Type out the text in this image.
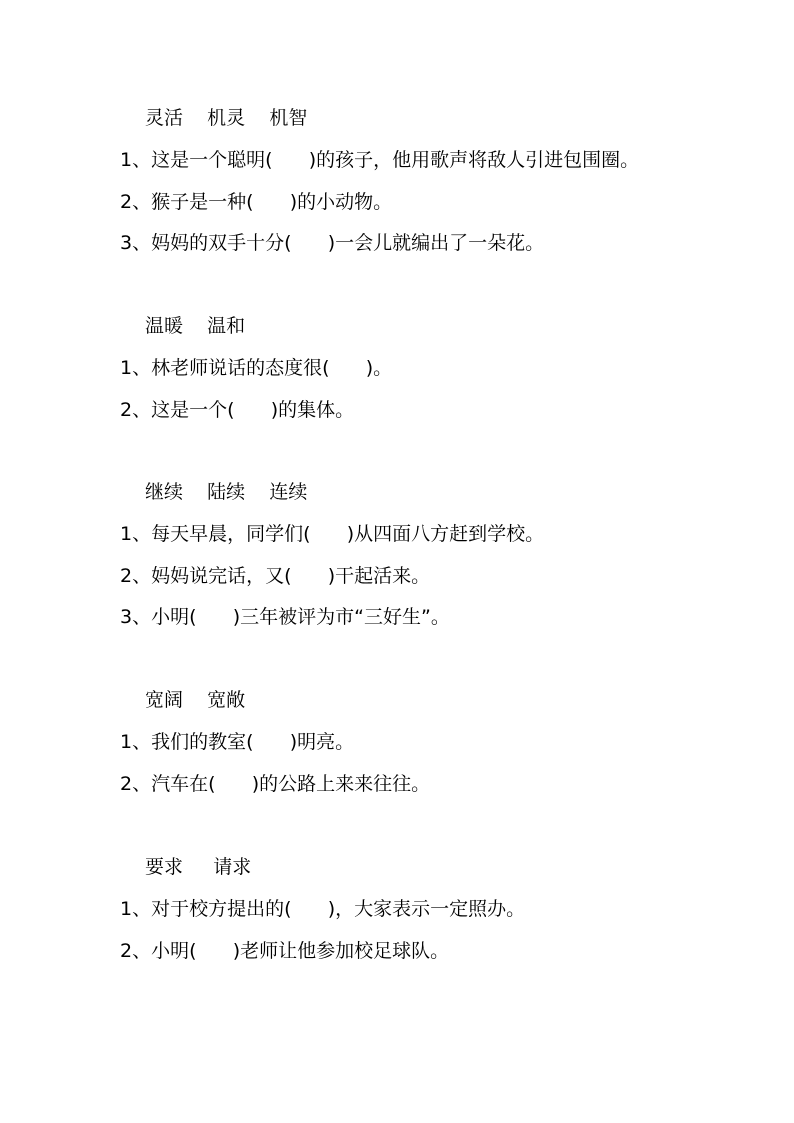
灵活    机灵    机智
1、这是一个聪明(      )的孩子，他用歌声将敌人引进包围圈。
2、猴子是一种(      )的小动物。
3、妈妈的双手十分(      )一会儿就编出了一朵花。
温暖    温和
1、林老师说话的态度很(      )。
2、这是一个(      )的集体。
继续    陆续    连续
1、每天早晨，同学们(      )从四面八方赶到学校。
2、妈妈说完话，又(      )干起活来。
3、小明(      )三年被评为市“三好生”。
宽阔    宽敞
1、我们的教室(      )明亮。
2、汽车在(      )的公路上来来往往。
要求     请求
1、对于校方提出的(      )，大家表示一定照办。
2、小明(      )老师让他参加校足球队。
